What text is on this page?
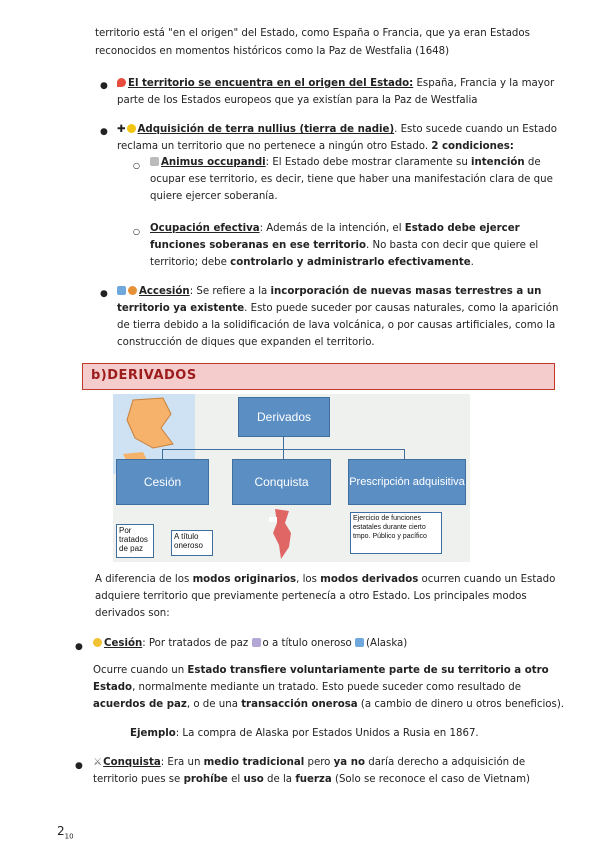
territorio está "en el origen" del Estado, como España o Francia, que ya eran Estados

reconocidos en momentos históricos como la Paz de Westfalia (1648)

●	El territorio se encuentra en el origen del Estado: España, Francia y la mayor

parte de los Estados europeos que ya existían para la Paz de Westfalia

● ✚ Adquisición de terra nullius (tierra de nadie). Esto sucede cuando un Estado

reclama un territorio que no pertenece a ningún otro Estado. 2 condiciones:

○	Animus occupandi: El Estado debe mostrar claramente su intención de

ocupar ese territorio, es decir, tiene que haber una manifestación clara de que

quiere ejercer soberanía.

○ Ocupación efectiva: Además de la intención, el Estado debe ejercer

funciones soberanas en ese territorio. No basta con decir que quiere el

territorio; debe controlarlo y administrarlo efectivamente.

●	Accesión: Se refiere a la incorporación de nuevas masas terrestres a un

territorio ya existente. Esto puede suceder por causas naturales, como la aparición

de tierra debido a la solidificación de lava volcánica, o por causas artificiales, como la

construcción de diques que expanden el territorio.

b)DERIVADOS
Derivados
Cesión	Conquista	Prescripción adquisitiva
Por tratados de paz
A título oneroso
Ejercicio de funciones estatales durante cierto tmpo. Público y pacífico

A diferencia de los modos originarios, los modos derivados ocurren cuando un Estado

adquiere territorio que previamente pertenecía a otro Estado. Los principales modos

derivados son:

●	Cesión: Por tratados de paz o a título oneroso (Alaska)

Ocurre cuando un Estado transfiere voluntariamente parte de su territorio a otro

Estado, normalmente mediante un tratado. Esto puede suceder como resultado de

acuerdos de paz, o de una transacción onerosa (a cambio de dinero u otros beneficios).

Ejemplo: La compra de Alaska por Estados Unidos a Rusia en 1867.

● ⚔Conquista: Era un medio tradicional pero ya no daría derecho a adquisición de

territorio pues se prohíbe el uso de la fuerza (Solo se reconoce el caso de Vietnam)

$2_{10}$
